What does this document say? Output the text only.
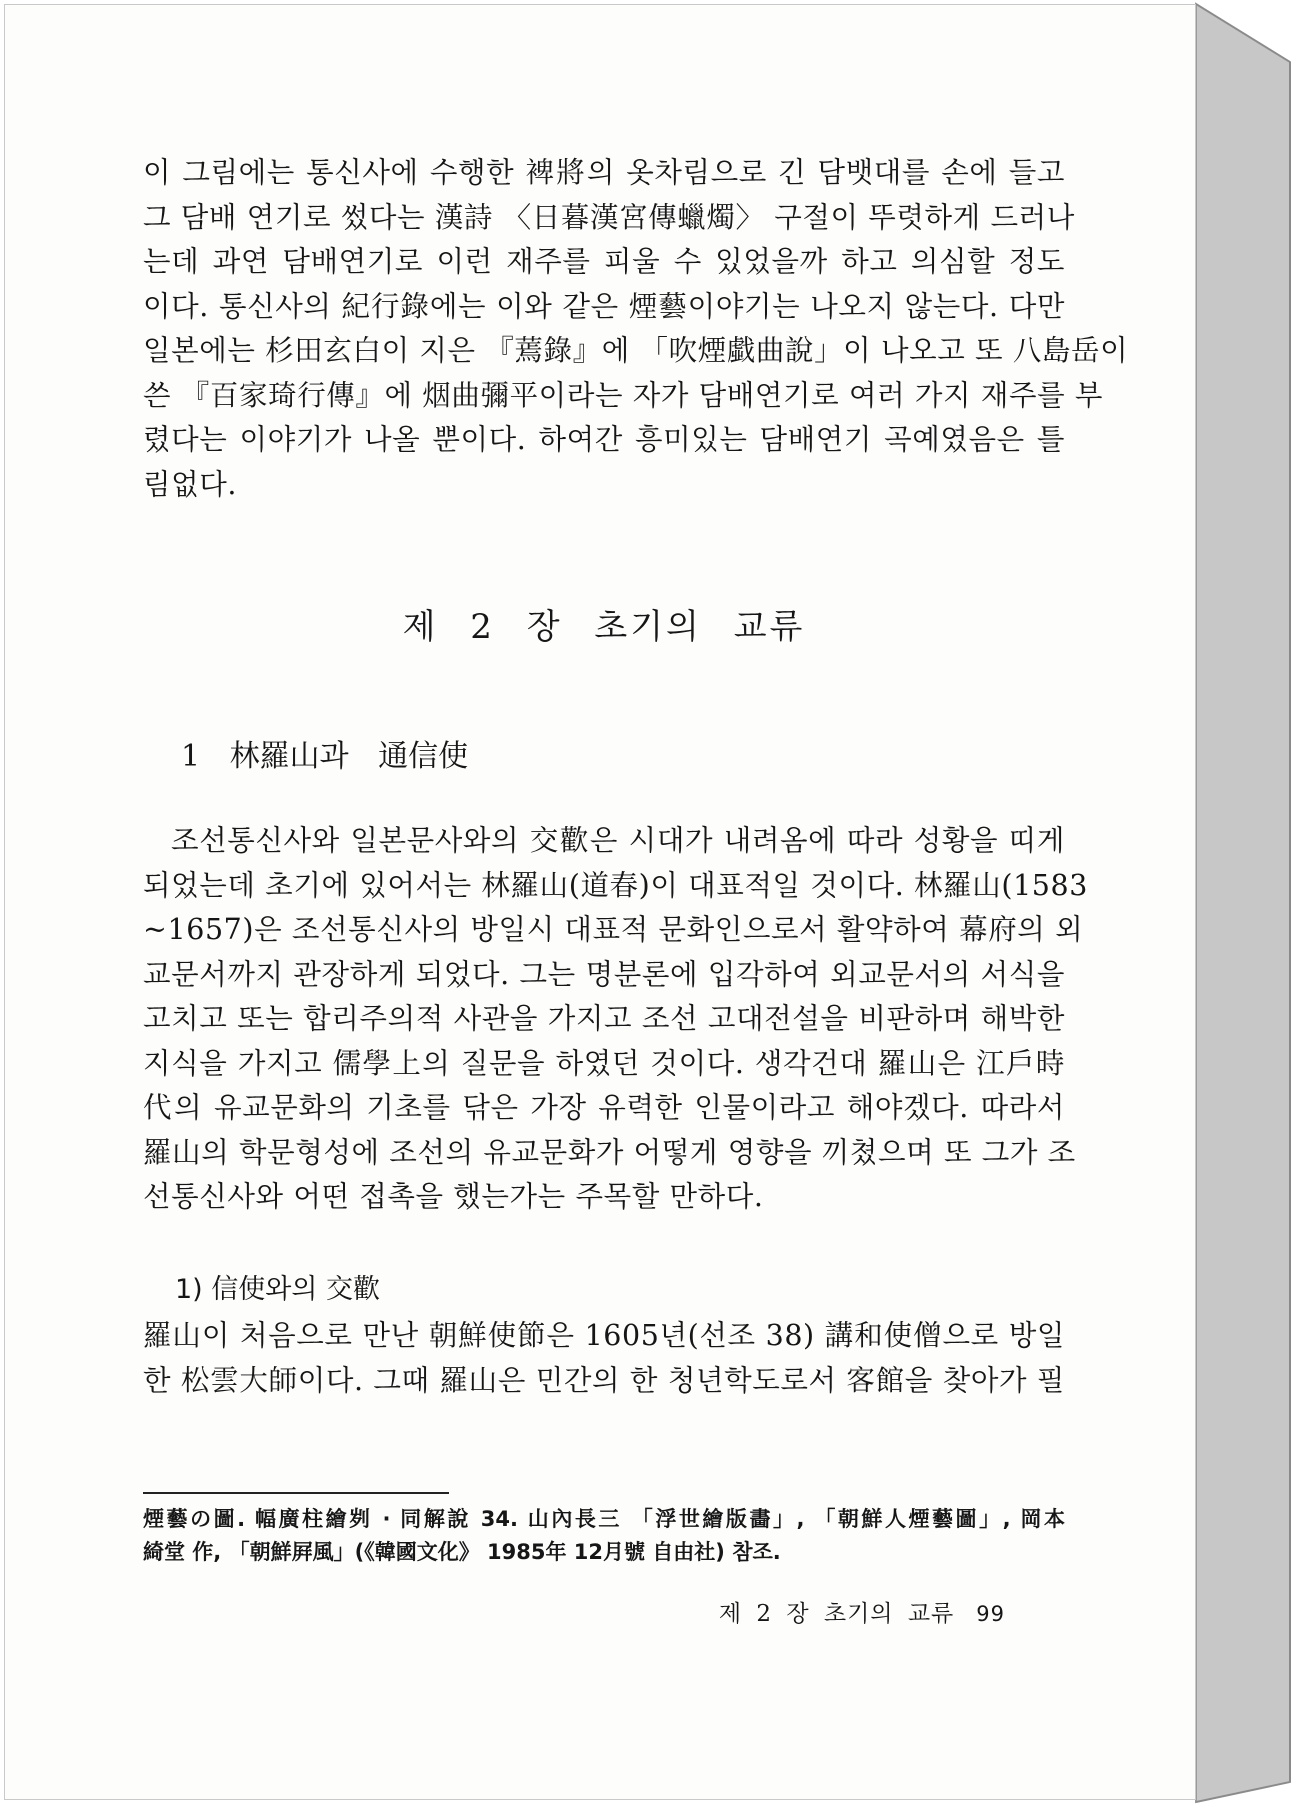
이 그림에는 통신사에 수행한 裨將의 옷차림으로 긴 담뱃대를 손에 들고
그 담배 연기로 썼다는 漢詩 〈日暮漢宮傳蠟燭〉 구절이 뚜렷하게 드러나
는데 과연 담배연기로 이런 재주를 피울 수 있었을까 하고 의심할 정도
이다. 통신사의 紀行錄에는 이와 같은 煙藝이야기는 나오지 않는다. 다만
일본에는 杉田玄白이 지은 『蔫錄』에 「吹煙戱曲說」이 나오고 또 八島岳이
쓴 『百家琦行傳』에 烟曲彌平이라는 자가 담배연기로 여러 가지 재주를 부
렸다는 이야기가 나올 뿐이다. 하여간 흥미있는 담배연기 곡예였음은 틀
림없다.

제 2 장 초기의 교류
1 林羅山과 通信使

조선통신사와 일본문사와의 交歡은 시대가 내려옴에 따라 성황을 띠게
되었는데 초기에 있어서는 林羅山(道春)이 대표적일 것이다. 林羅山(1583
~1657)은 조선통신사의 방일시 대표적 문화인으로서 활약하여 幕府의 외
교문서까지 관장하게 되었다. 그는 명분론에 입각하여 외교문서의 서식을
고치고 또는 합리주의적 사관을 가지고 조선 고대전설을 비판하며 해박한
지식을 가지고 儒學上의 질문을 하였던 것이다. 생각건대 羅山은 江戶時
代의 유교문화의 기초를 닦은 가장 유력한 인물이라고 해야겠다. 따라서
羅山의 학문형성에 조선의 유교문화가 어떻게 영향을 끼쳤으며 또 그가 조
선통신사와 어떤 접촉을 했는가는 주목할 만하다.

1) 信使와의 交歡

羅山이 처음으로 만난 朝鮮使節은 1605년(선조 38) 講和使僧으로 방일
한 松雲大師이다. 그때 羅山은 민간의 한 청년학도로서 客館을 찾아가 필

煙藝の圖. 幅廣柱繪刿 · 同解說 34. 山內長三 「浮世繪版畵」, 「朝鮮人煙藝圖」, 岡本
綺堂 作, 「朝鮮屛風」(《韓國文化》 1985年 12月號 自由社) 참조.
제 2 장 초기의 교류 99
